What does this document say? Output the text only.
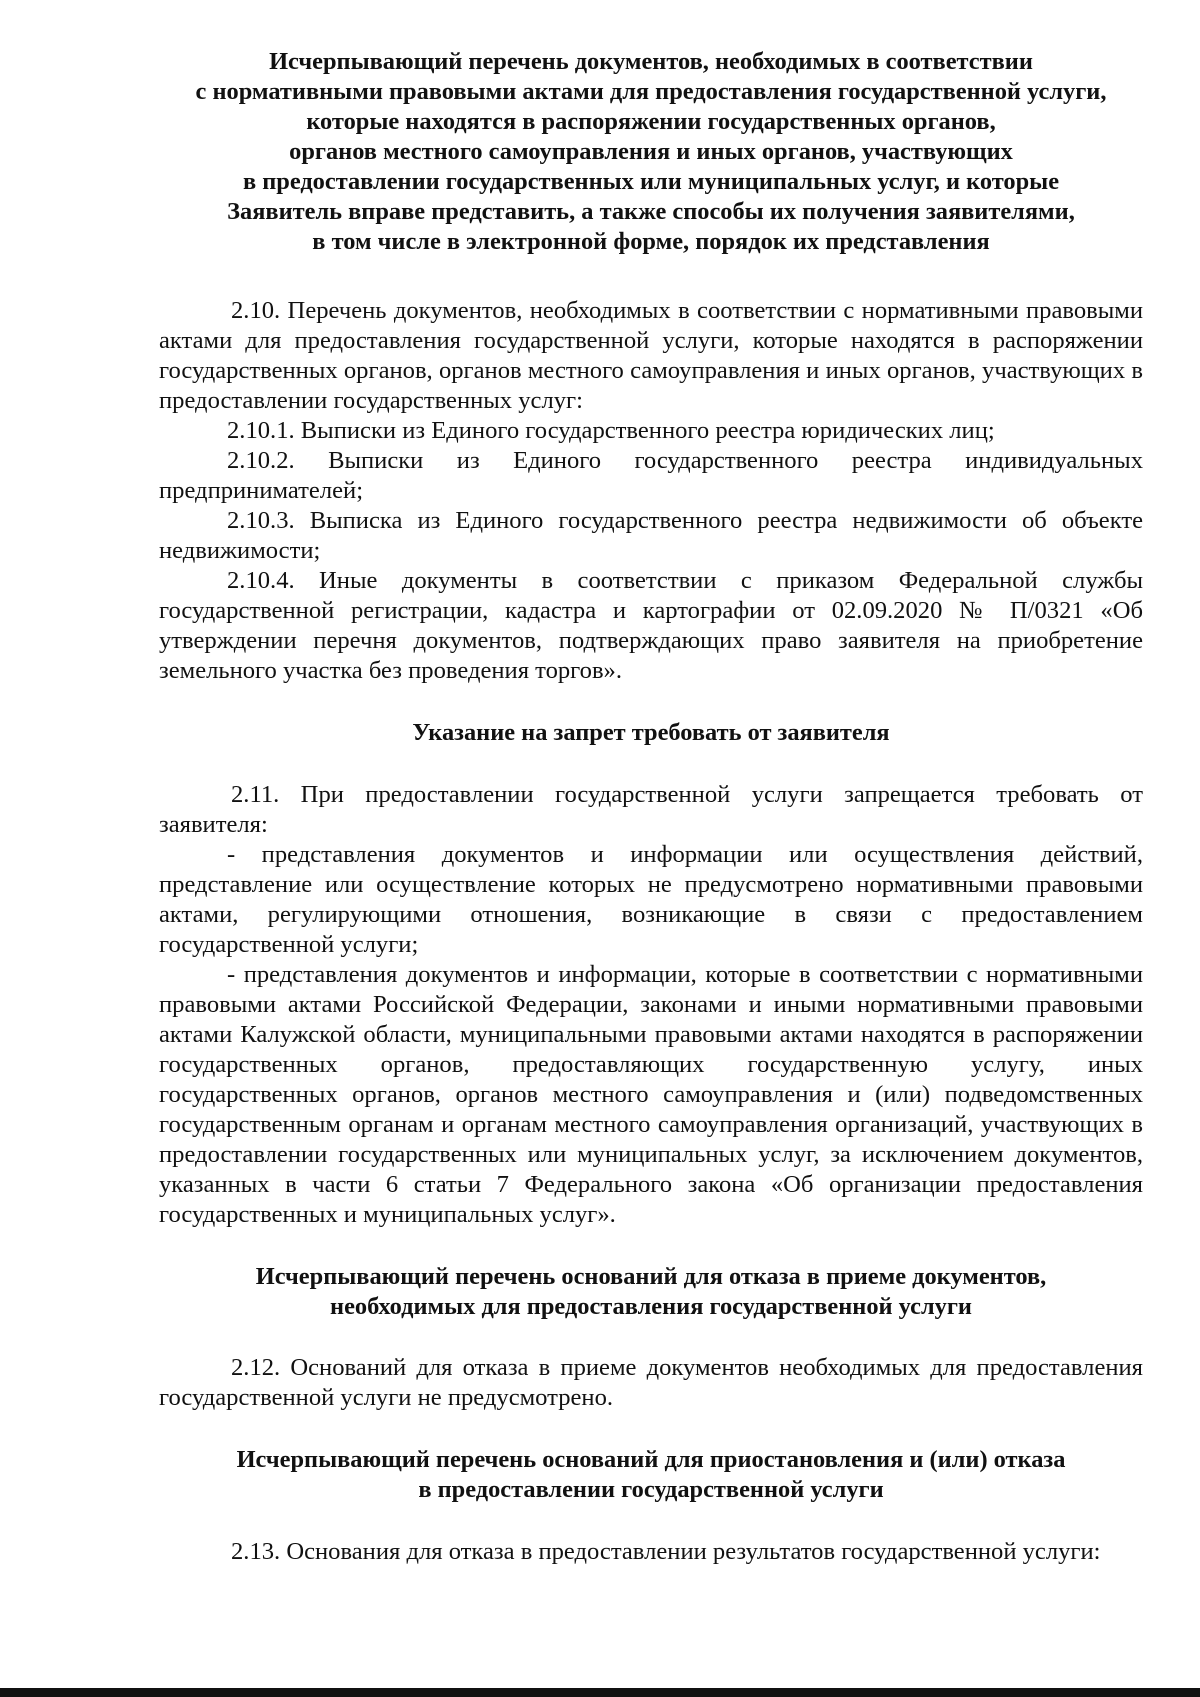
Исчерпывающий перечень документов, необходимых в соответствии
с нормативными правовыми актами для предоставления государственной услуги,
которые находятся в распоряжении государственных органов,
органов местного самоуправления и иных органов, участвующих
в предоставлении государственных или муниципальных услуг, и которые
Заявитель вправе представить, а также способы их получения заявителями,
в том числе в электронной форме, порядок их представления

2.10. Перечень документов, необходимых в соответствии с нормативными правовыми актами для предоставления государственной услуги, которые находятся в распоряжении государственных органов, органов местного самоуправления и иных органов, участвующих в предоставлении государственных услуг:

2.10.1. Выписки из Единого государственного реестра юридических лиц;

2.10.2. Выписки из Единого государственного реестра индивидуальных предпринимателей;

2.10.3. Выписка из Единого государственного реестра недвижимости об объекте недвижимости;

2.10.4. Иные документы в соответствии с приказом Федеральной службы государственной регистрации, кадастра и картографии от 02.09.2020 № П/0321 «Об утверждении перечня документов, подтверждающих право заявителя на приобретение земельного участка без проведения торгов».

Указание на запрет требовать от заявителя

2.11. При предоставлении государственной услуги запрещается требовать от заявителя:

- представления документов и информации или осуществления действий, представление или осуществление которых не предусмотрено нормативными правовыми актами, регулирующими отношения, возникающие в связи с предоставлением государственной услуги;

- представления документов и информации, которые в соответствии с нормативными правовыми актами Российской Федерации, законами и иными нормативными правовыми актами Калужской области, муниципальными правовыми актами находятся в распоряжении государственных органов, предоставляющих государственную услугу, иных государственных органов, органов местного самоуправления и (или) подведомственных государственным органам и органам местного самоуправления организаций, участвующих в предоставлении государственных или муниципальных услуг, за исключением документов, указанных в части 6 статьи 7 Федерального закона «Об организации предоставления государственных и муниципальных услуг».

Исчерпывающий перечень оснований для отказа в приеме документов,
необходимых для предоставления государственной услуги

2.12. Оснований для отказа в приеме документов необходимых для предоставления государственной услуги не предусмотрено.

Исчерпывающий перечень оснований для приостановления и (или) отказа
в предоставлении государственной услуги

2.13. Основания для отказа в предоставлении результатов государственной услуги:
